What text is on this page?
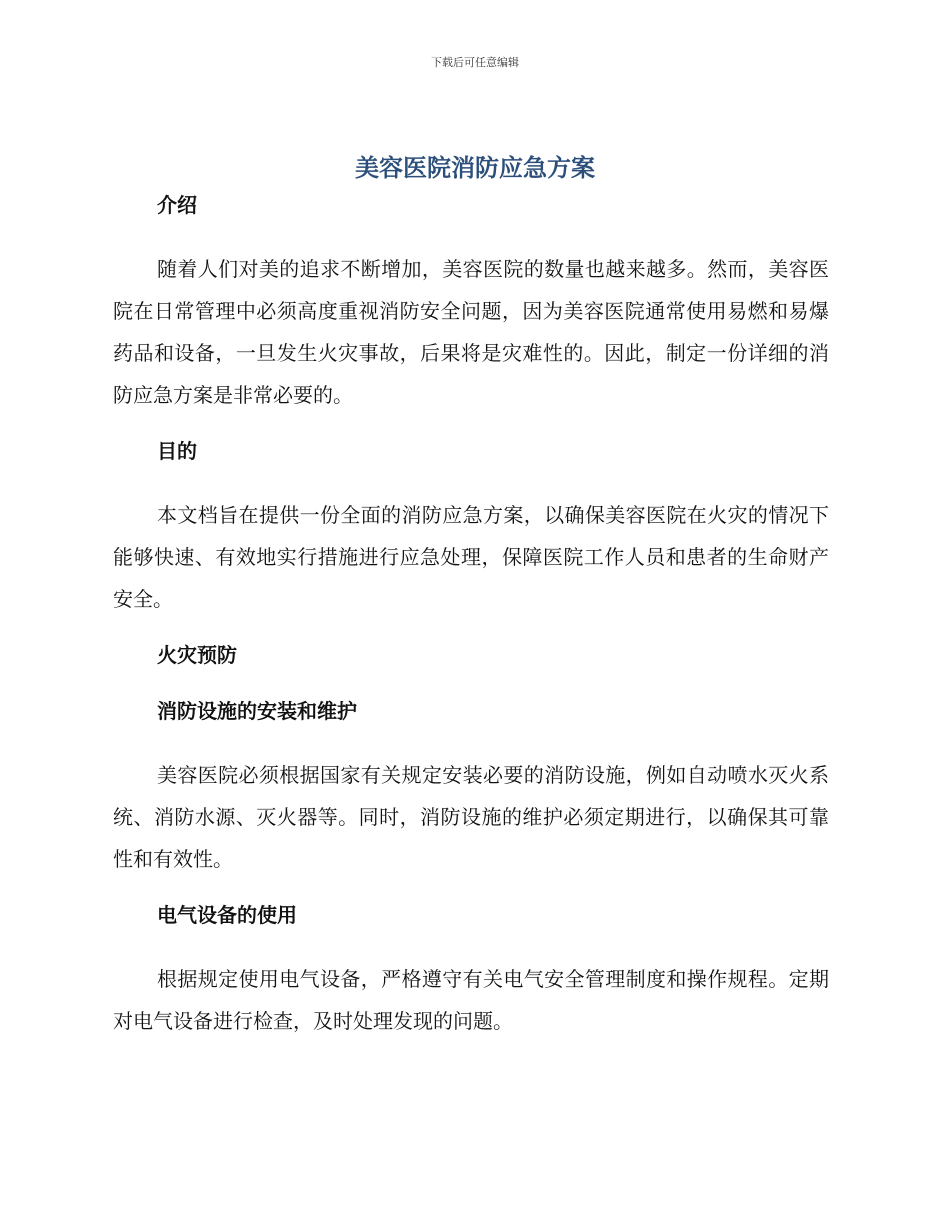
下载后可任意编辑
美容医院消防应急方案

介绍

随着人们对美的追求不断增加，美容医院的数量也越来越多。然而，美容医院在日常管理中必须高度重视消防安全问题，因为美容医院通常使用易燃和易爆药品和设备，一旦发生火灾事故，后果将是灾难性的。因此，制定一份详细的消防应急方案是非常必要的。

目的

本文档旨在提供一份全面的消防应急方案，以确保美容医院在火灾的情况下能够快速、有效地实行措施进行应急处理，保障医院工作人员和患者的生命财产安全。

火灾预防

消防设施的安装和维护

美容医院必须根据国家有关规定安装必要的消防设施，例如自动喷水灭火系统、消防水源、灭火器等。同时，消防设施的维护必须定期进行，以确保其可靠性和有效性。

电气设备的使用

根据规定使用电气设备，严格遵守有关电气安全管理制度和操作规程。定期对电气设备进行检查，及时处理发现的问题。
